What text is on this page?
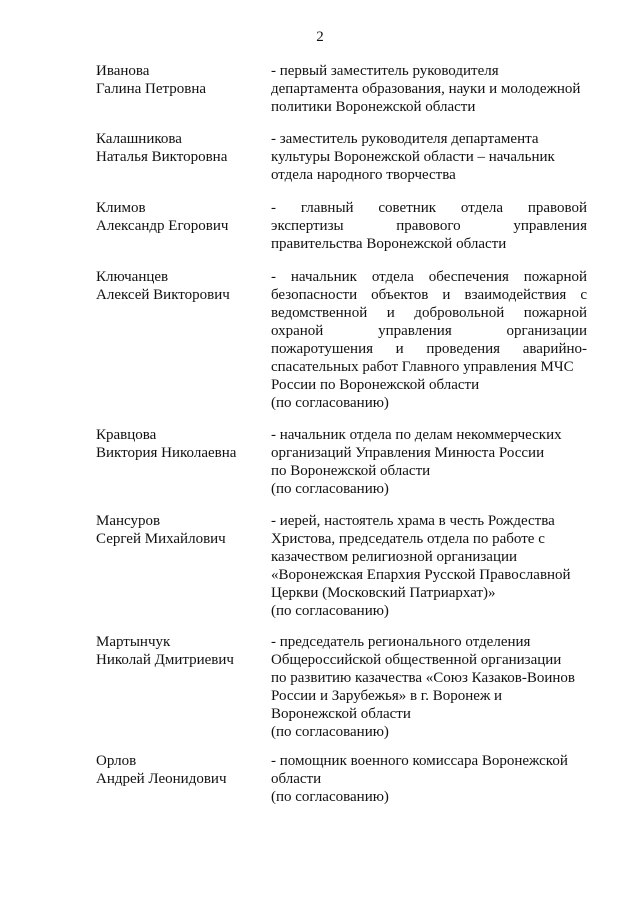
2
Иванова
Галина Петровна
- первый заместитель руководителя
департамента образования, науки и молодежной
политики Воронежской области
Калашникова
Наталья Викторовна
- заместитель руководителя департамента
культуры Воронежской области – начальник
отдела народного творчества
Климов
Александр Егорович
- главный советник отдела правовой
экспертизы правового управления
правительства Воронежской области
Ключанцев
Алексей Викторович
- начальник отдела обеспечения пожарной
безопасности объектов и взаимодействия с
ведомственной и добровольной пожарной
охраной управления организации
пожаротушения и проведения аварийно-
спасательных работ Главного управления МЧС
России по Воронежской области
(по согласованию)
Кравцова
Виктория Николаевна
- начальник отдела по делам некоммерческих
организаций Управления Минюста России
по Воронежской области
(по согласованию)
Мансуров
Сергей Михайлович
- иерей, настоятель храма в честь Рождества
Христова, председатель отдела по работе с
казачеством религиозной организации
«Воронежская Епархия Русской Православной
Церкви (Московский Патриархат)»
(по согласованию)
Мартынчук
Николай Дмитриевич
- председатель регионального отделения
Общероссийской общественной организации
по развитию казачества «Союз Казаков-Воинов
России и Зарубежья» в г. Воронеж и
Воронежской области
(по согласованию)
Орлов
Андрей Леонидович
- помощник военного комиссара Воронежской
области
(по согласованию)
